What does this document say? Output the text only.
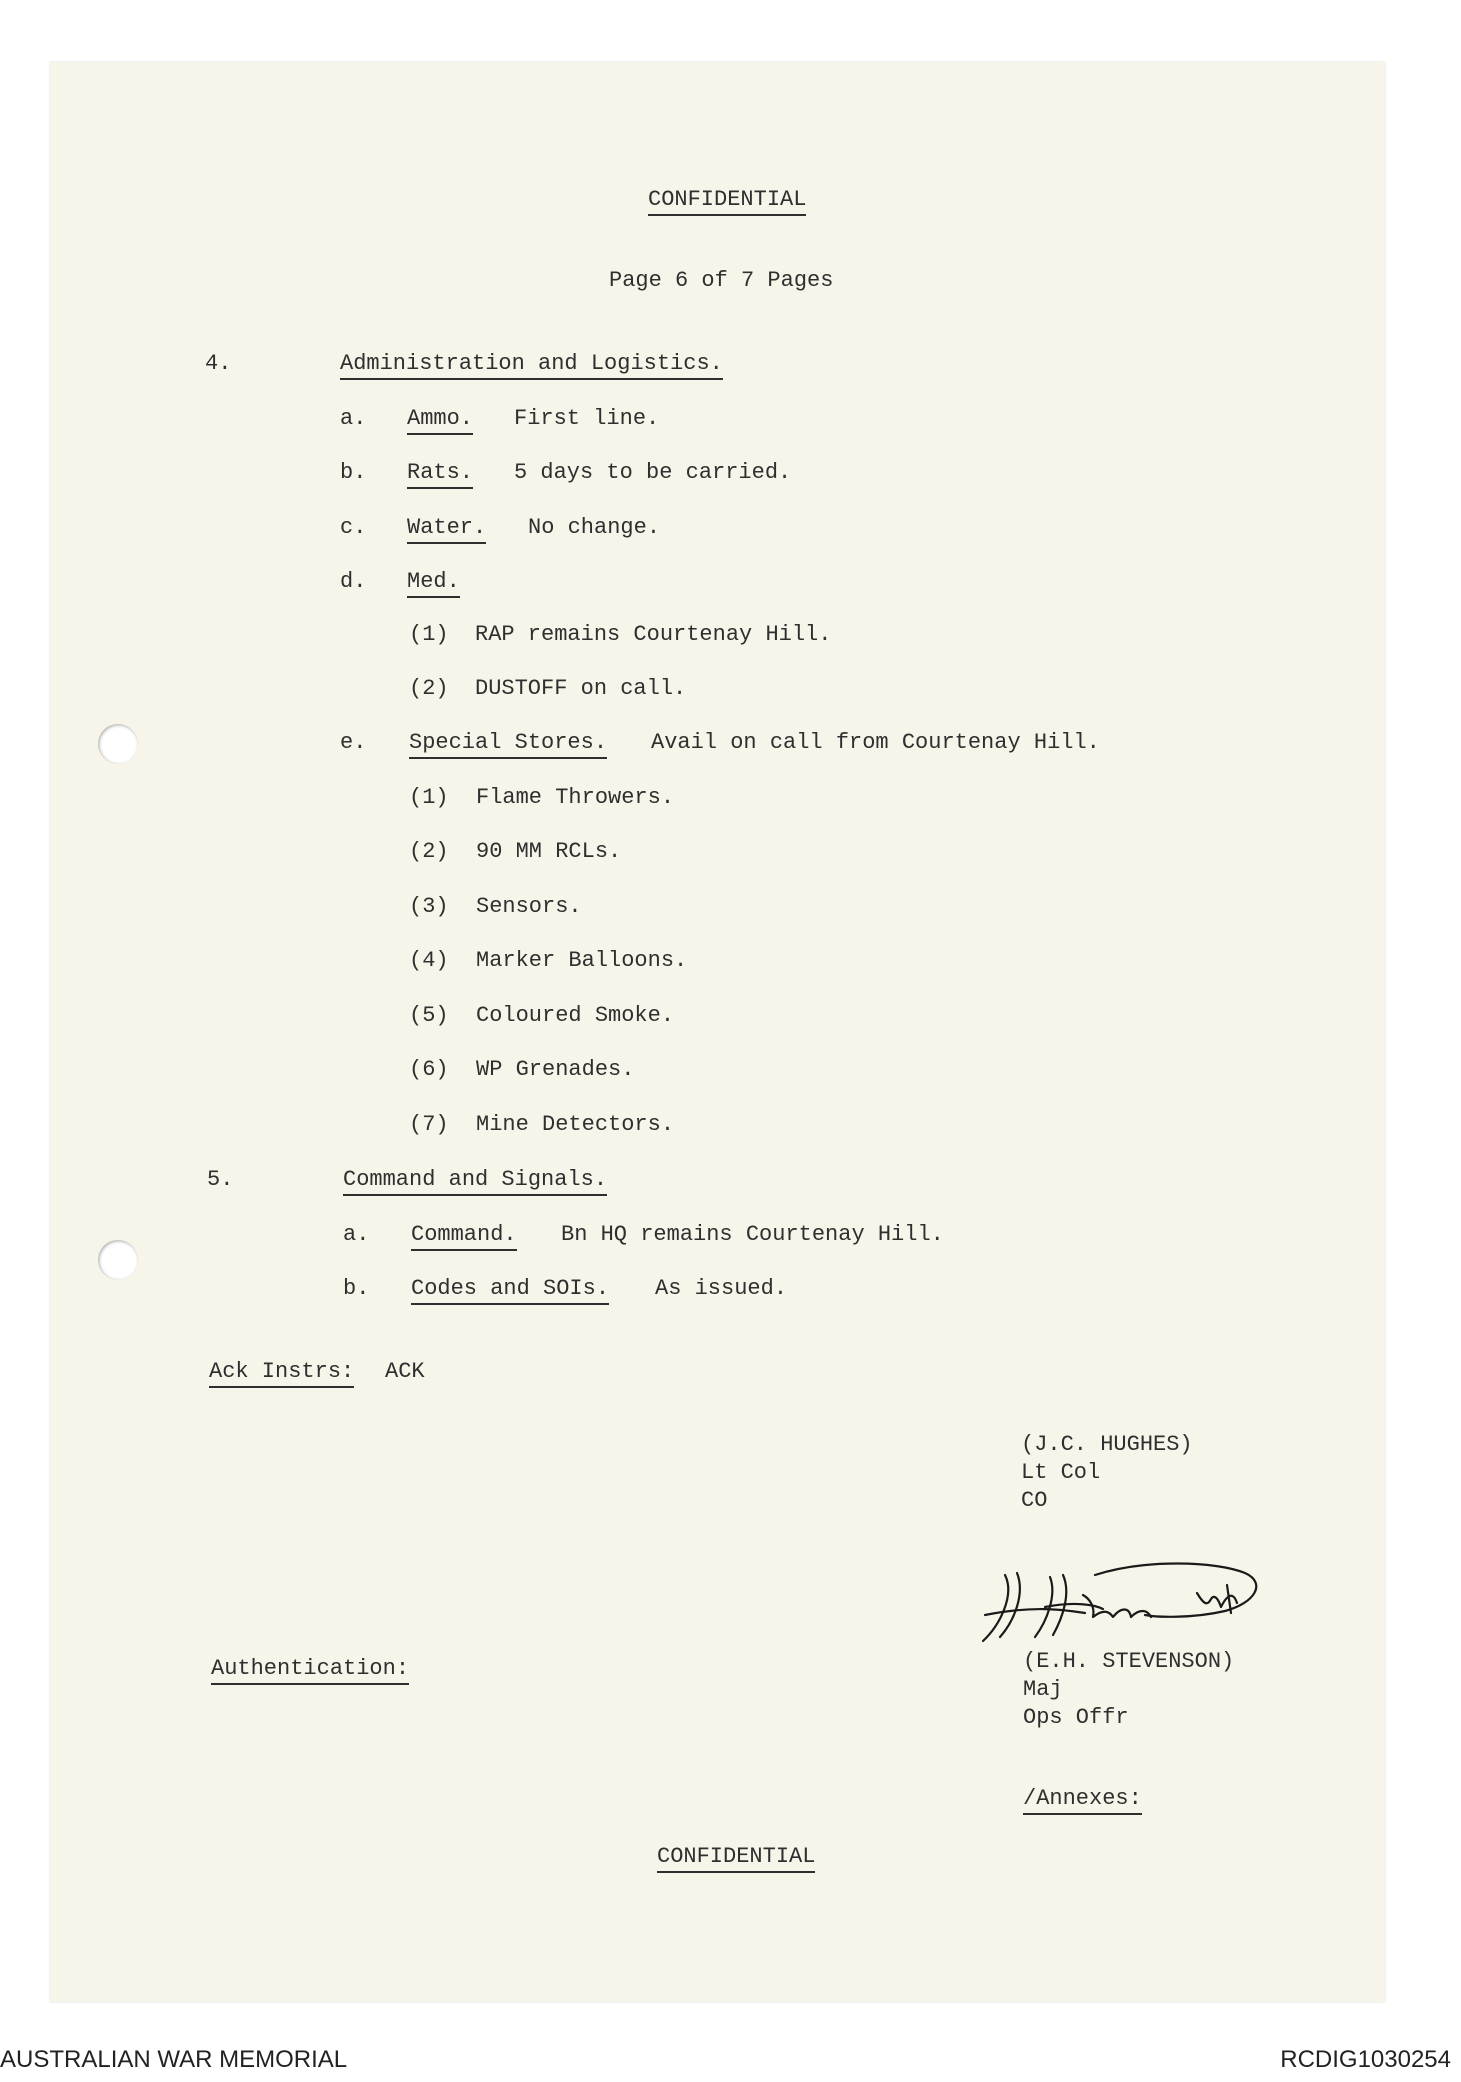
CONFIDENTIAL
Page 6 of 7 Pages
4.	Administration and Logistics.
a. Ammo. First line.
b. Rats. 5 days to be carried.
c. Water. No change.
d. Med.
(1) RAP remains Courtenay Hill.
(2) DUSTOFF on call.
e. Special Stores. Avail on call from Courtenay Hill.
(1) Flame Throwers.
(2) 90 MM RCLs.
(3) Sensors.
(4) Marker Balloons.
(5) Coloured Smoke.
(6) WP Grenades.
(7) Mine Detectors.
5.	Command and Signals.
a. Command. Bn HQ remains Courtenay Hill.
b. Codes and SOIs. As issued.
Ack Instrs: ACK
(J.C. HUGHES)
Lt Col
CO
Authentication:	(E.H. STEVENSON)
Maj
Ops Offr
/Annexes:
CONFIDENTIAL
AUSTRALIAN WAR MEMORIAL	RCDIG1030254
